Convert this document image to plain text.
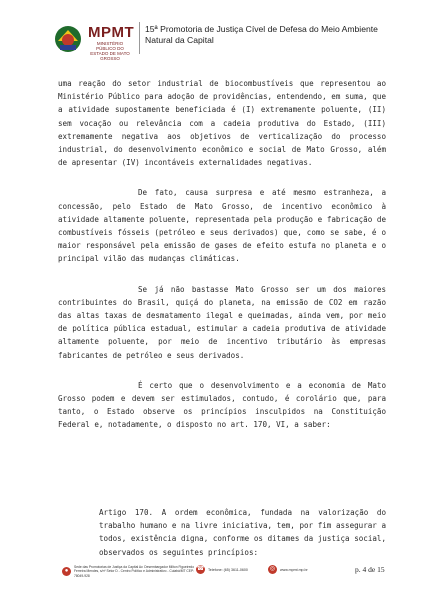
MPMT
MINISTÉRIO PÚBLICO DO ESTADO DE MATO GROSSO
15ª Promotoria de Justiça Cível de Defesa do Meio Ambiente
Natural da Capital

uma reação do setor industrial de biocombustíveis que representou ao Ministério Público para adoção de providências, entendendo, em suma, que a atividade supostamente beneficiada é (I) extremamente poluente, (II) sem vocação ou relevância com a cadeia produtiva do Estado, (III) extremamente negativa aos objetivos de verticalização do processo industrial, do desenvolvimento econômico e social de Mato Grosso, além de apresentar (IV) incontáveis externalidades negativas.

De fato, causa surpresa e até mesmo estranheza, a concessão, pelo Estado de Mato Grosso, de incentivo econômico à atividade altamente poluente, representada pela produção e fabricação de combustíveis fósseis (petróleo e seus derivados) que, como se sabe, é o maior responsável pela emissão de gases de efeito estufa no planeta e o principal vilão das mudanças climáticas.

Se já não bastasse Mato Grosso ser um dos maiores contribuintes do Brasil, quiçá do planeta, na emissão de CO2 em razão das altas taxas de desmatamento ilegal e queimadas, ainda vem, por meio de política pública estadual, estimular a cadeia produtiva de atividade altamente poluente, por meio de incentivo tributário às empresas fabricantes de petróleo e seus derivados.

É certo que o desenvolvimento e a economia de Mato Grosso podem e devem ser estimulados, contudo, é corolário que, para tanto, o Estado observe os princípios insculpidos na Constituição Federal e, notadamente, o disposto no art. 170, VI, a saber:

Artigo 170. A ordem econômica, fundada na valorização do trabalho humano e na livre iniciativa, tem, por fim assegurar a todos, existência digna, conforme os ditames da justiça social, observados os seguintes princípios:
●
Sede das Promotorias de Justiça da Capital Av. Desembargador Milton Figueiredo Ferreira Mendes, s/nº Setor D - Centro Político e Administrativo - Cuiabá/MT CEP: 78049-928
☎ Telefone: (65) 3611-0600	◎	www.mpmt.mp.br	p. 4 de 15
